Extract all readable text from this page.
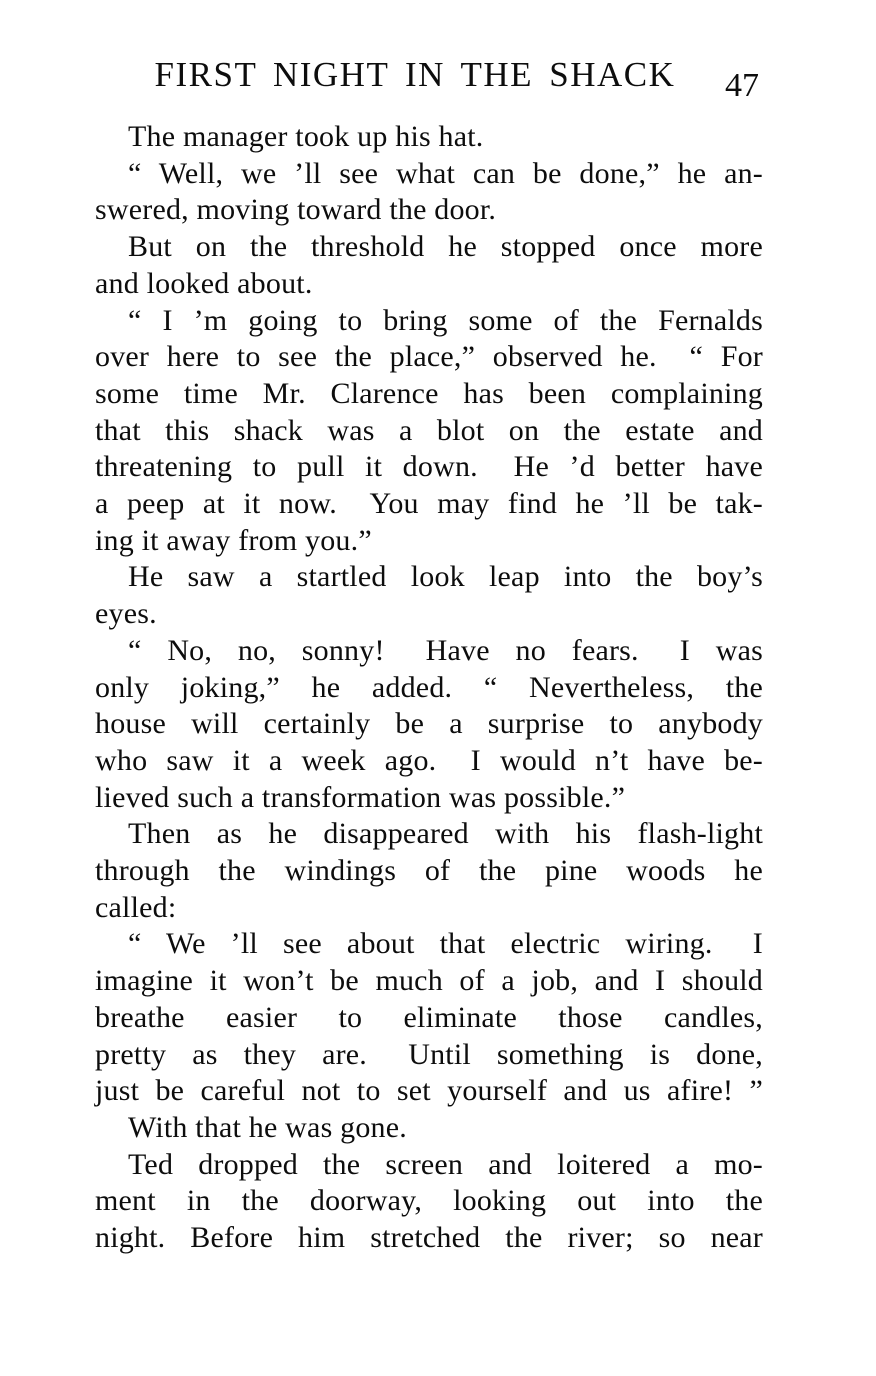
FIRST NIGHT IN THE SHACK 47
The manager took up his hat.
“ Well, we ’ll see what can be done,” he an-
swered, moving toward the door.
But on the threshold he stopped once more
and looked about.
“ I ’m going to bring some of the Fernalds
over here to see the place,” observed he.  “ For
some time Mr. Clarence has been complaining
that this shack was a blot on the estate and
threatening to pull it down.  He ’d better have
a peep at it now.  You may find he ’ll be tak-
ing it away from you.”
He saw a startled look leap into the boy’s
eyes.
“ No, no, sonny!  Have no fears.  I was
only joking,” he added. “ Nevertheless, the
house will certainly be a surprise to anybody
who saw it a week ago.  I would n’t have be-
lieved such a transformation was possible.”
Then as he disappeared with his flash-light
through the windings of the pine woods he
called:
“ We ’ll see about that electric wiring.  I
imagine it won’t be much of a job, and I should
breathe easier to eliminate those candles,
pretty as they are.  Until something is done,
just be careful not to set yourself and us afire! ”
With that he was gone.
Ted dropped the screen and loitered a mo-
ment in the doorway, looking out into the
night. Before him stretched the river; so near
